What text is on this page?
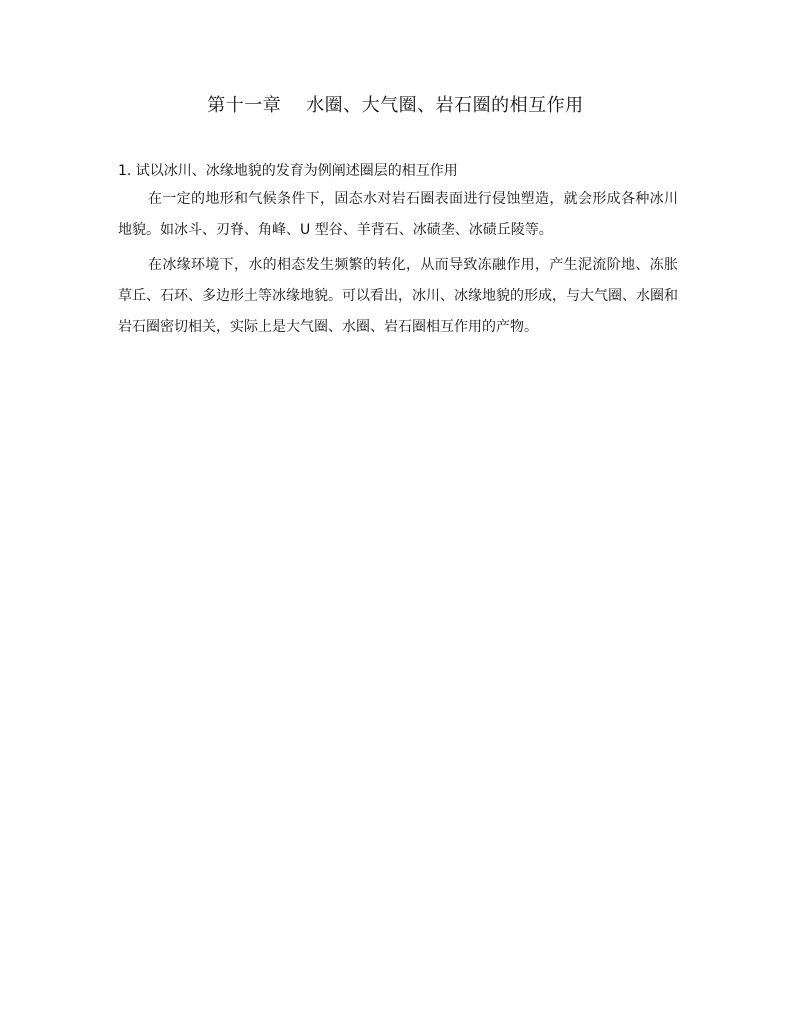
第十一章    水圈、大气圈、岩石圈的相互作用
1. 试以冰川、冰缘地貌的发育为例阐述圈层的相互作用
在一定的地形和气候条件下，固态水对岩石圈表面进行侵蚀塑造，就会形成各种冰川地貌。如冰斗、刃脊、角峰、U 型谷、羊背石、冰碛垄、冰碛丘陵等。
在冰缘环境下，水的相态发生频繁的转化，从而导致冻融作用，产生泥流阶地、冻胀草丘、石环、多边形土等冰缘地貌。可以看出，冰川、冰缘地貌的形成，与大气圈、水圈和岩石圈密切相关，实际上是大气圈、水圈、岩石圈相互作用的产物。
